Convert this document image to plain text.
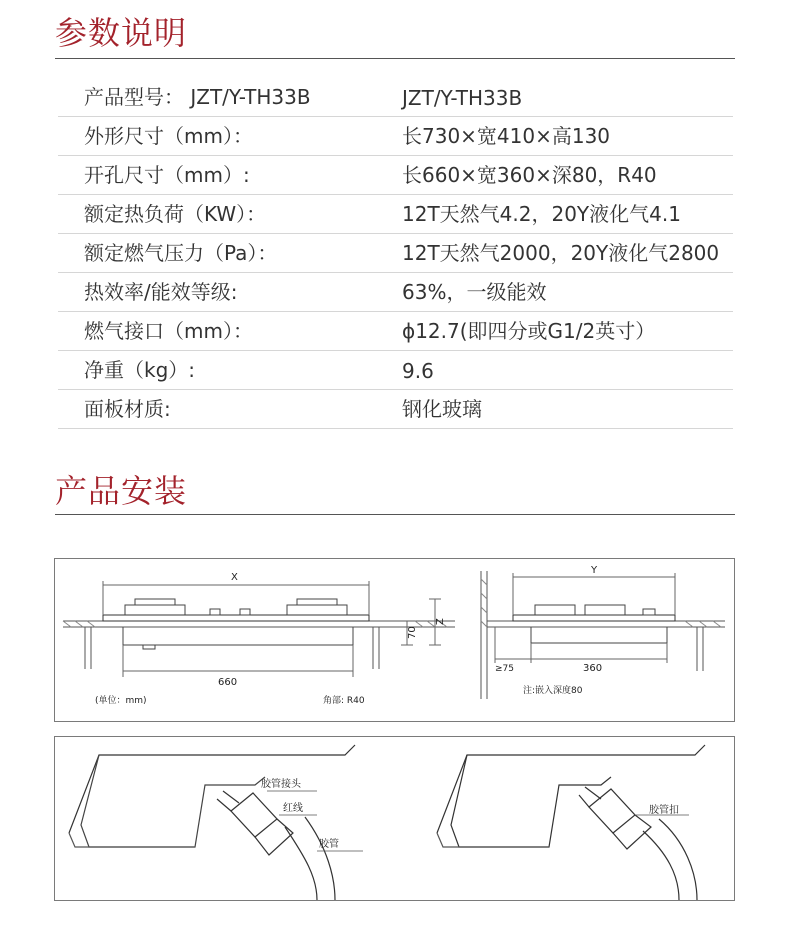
参数说明
产品型号： JZT/Y-TH33B	JZT/Y-TH33B
外形尺寸（mm）：	长730×宽410×高130
开孔尺寸（mm）:	长660×宽360×深80，R40
额定热负荷（KW）：	12T天然气4.2，20Y液化气4.1
额定燃气压力（Pa）：	12T天然气2000，20Y液化气2800
热效率/能效等级:	63%，一级能效
燃气接口（mm）：	ϕ12.7(即四分或G1/2英寸）
净重（kg）:	9.6
面板材质:	钢化玻璃
产品安装
X
660
70
Z
(单位：mm)	角部: R40
Y
360
≥75
注:嵌入深度80
胶管接头
红线
胶管
胶管扣
